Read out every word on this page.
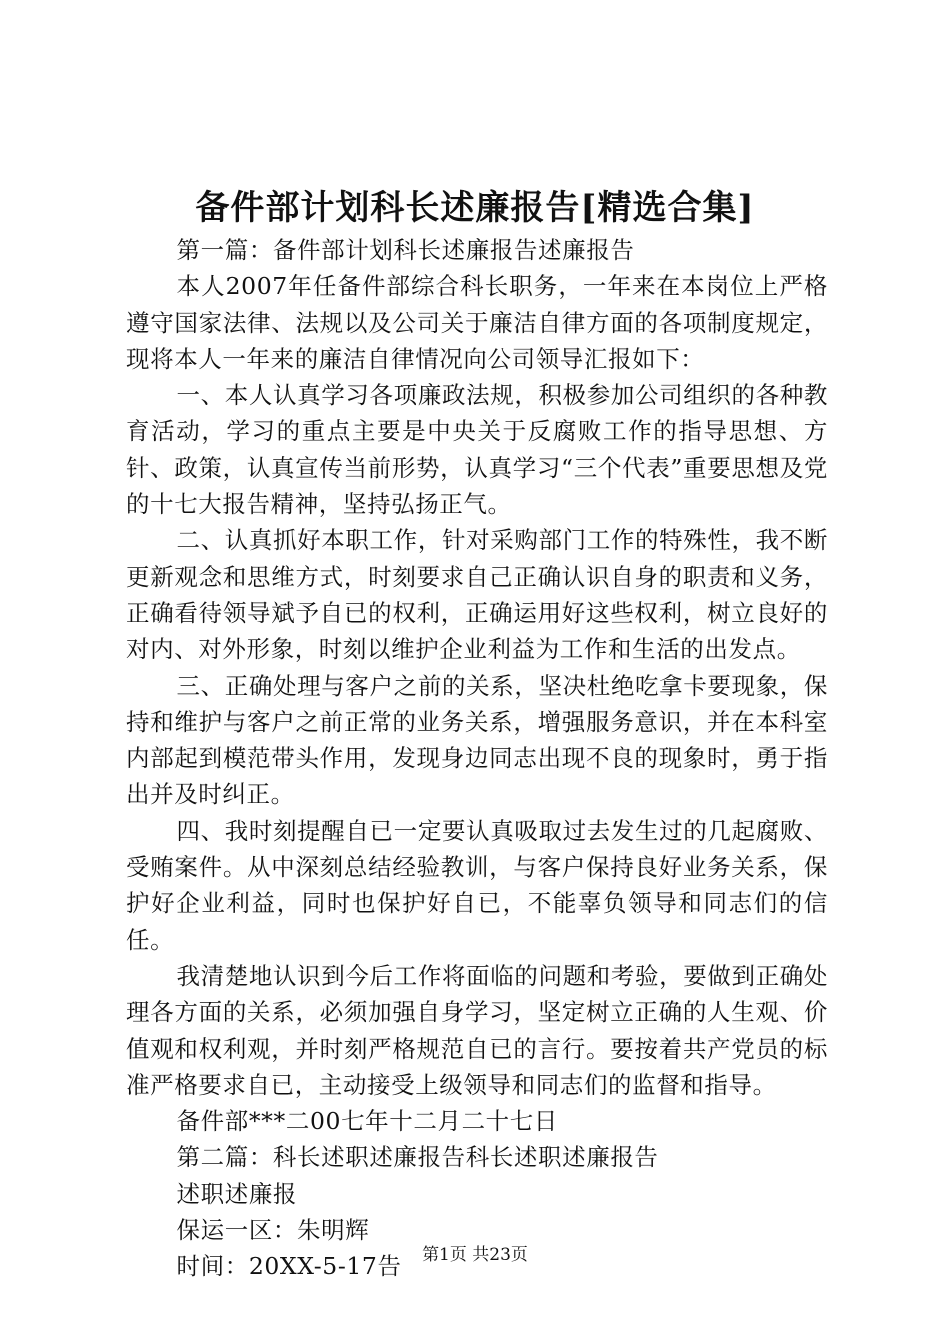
备件部计划科长述廉报告[精选合集]

第一篇：备件部计划科长述廉报告述廉报告

本人2007年任备件部综合科长职务，一年来在本岗位上严格遵守国家法律、法规以及公司关于廉洁自律方面的各项制度规定，现将本人一年来的廉洁自律情况向公司领导汇报如下：

一、本人认真学习各项廉政法规，积极参加公司组织的各种教育活动，学习的重点主要是中央关于反腐败工作的指导思想、方针、政策，认真宣传当前形势，认真学习“三个代表”重要思想及党的十七大报告精神，坚持弘扬正气。

二、认真抓好本职工作，针对采购部门工作的特殊性，我不断更新观念和思维方式，时刻要求自己正确认识自身的职责和义务，正确看待领导斌予自已的权利，正确运用好这些权利，树立良好的对内、对外形象，时刻以维护企业利益为工作和生活的出发点。

三、正确处理与客户之前的关系，坚决杜绝吃拿卡要现象，保持和维护与客户之前正常的业务关系，增强服务意识，并在本科室内部起到模范带头作用，发现身边同志出现不良的现象时，勇于指出并及时纠正。

四、我时刻提醒自已一定要认真吸取过去发生过的几起腐败、受贿案件。从中深刻总结经验教训，与客户保持良好业务关系，保护好企业利益，同时也保护好自已，不能辜负领导和同志们的信任。

我清楚地认识到今后工作将面临的问题和考验，要做到正确处理各方面的关系，必须加强自身学习，坚定树立正确的人生观、价值观和权利观，并时刻严格规范自已的言行。要按着共产党员的标准严格要求自已，主动接受上级领导和同志们的监督和指导。

备件部***二00七年十二月二十七日

第二篇：科长述职述廉报告科长述职述廉报告

述职述廉报

保运一区：朱明辉

时间：20XX-5-17告	第1页 共23页
